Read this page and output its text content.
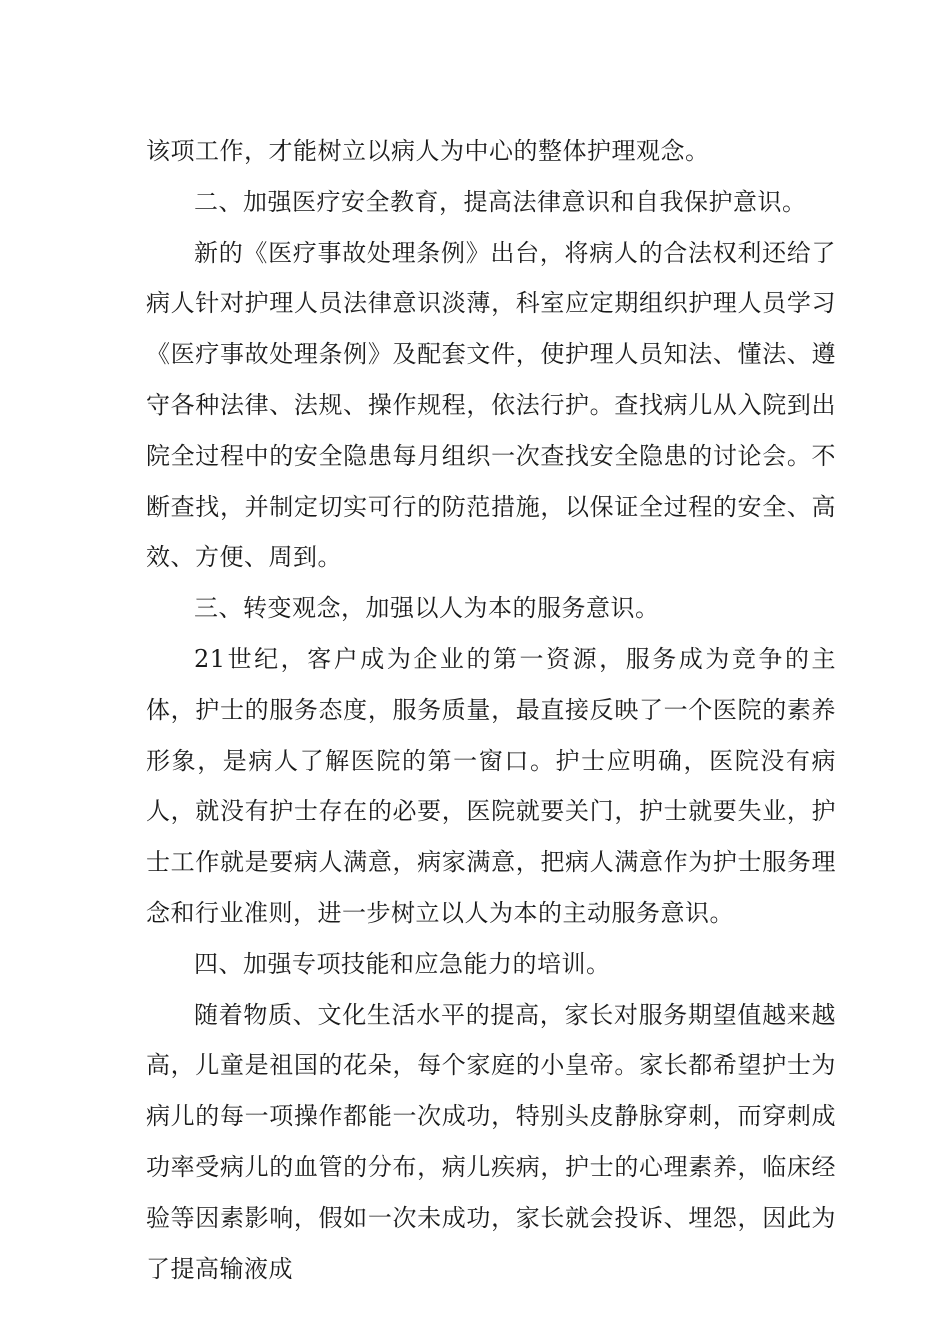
该项工作，才能树立以病人为中心的整体护理观念。

二、加强医疗安全教育，提高法律意识和自我保护意识。

新的《医疗事故处理条例》出台，将病人的合法权利还给了病人针对护理人员法律意识淡薄，科室应定期组织护理人员学习《医疗事故处理条例》及配套文件，使护理人员知法、懂法、遵守各种法律、法规、操作规程，依法行护。查找病儿从入院到出院全过程中的安全隐患每月组织一次查找安全隐患的讨论会。不断查找，并制定切实可行的防范措施，以保证全过程的安全、高效、方便、周到。

三、转变观念，加强以人为本的服务意识。

21世纪，客户成为企业的第一资源，服务成为竞争的主体，护士的服务态度，服务质量，最直接反映了一个医院的素养形象，是病人了解医院的第一窗口。护士应明确，医院没有病人，就没有护士存在的必要，医院就要关门，护士就要失业，护士工作就是要病人满意，病家满意，把病人满意作为护士服务理念和行业准则，进一步树立以人为本的主动服务意识。

四、加强专项技能和应急能力的培训。

随着物质、文化生活水平的提高，家长对服务期望值越来越高，儿童是祖国的花朵，每个家庭的小皇帝。家长都希望护士为病儿的每一项操作都能一次成功，特别头皮静脉穿刺，而穿刺成功率受病儿的血管的分布，病儿疾病，护士的心理素养，临床经验等因素影响，假如一次未成功，家长就会投诉、埋怨，因此为了提高输液成
